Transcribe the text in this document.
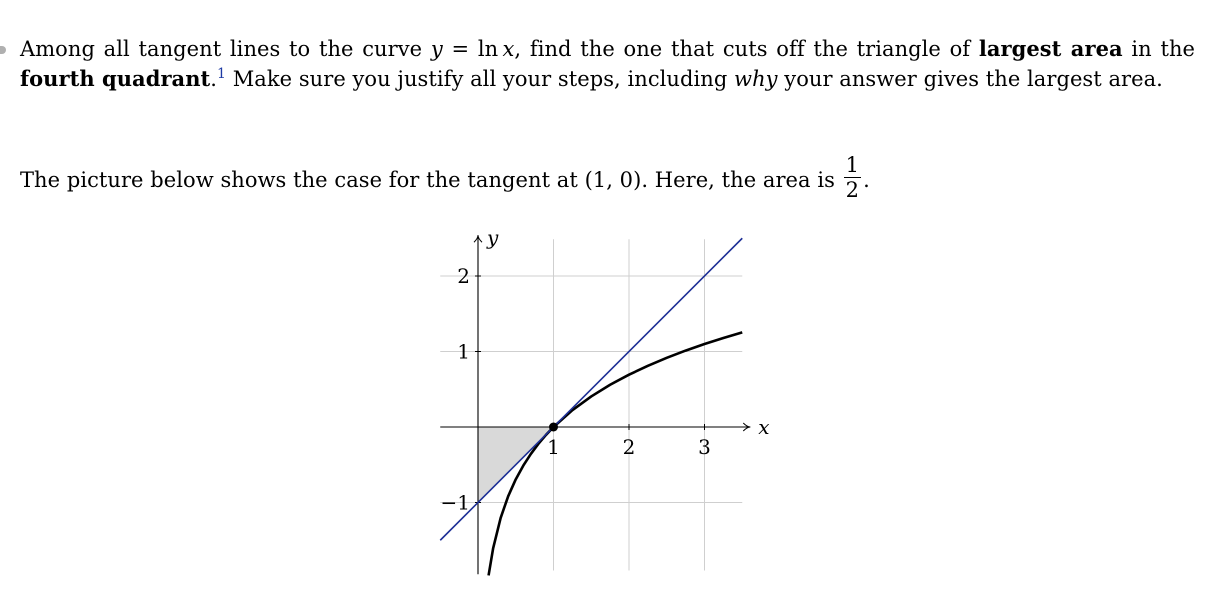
Among all tangent lines to the curve y = ln  x, find the one that cuts off the triangle of largest area in the fourth quadrant.$^1$ Make sure you justify all your steps, including why your answer gives the largest area.
The picture below shows the case for the tangent at (1, 0). Here, the area is $\frac{1}{2}$ .
1	2	3
2
1
−1
x
y
